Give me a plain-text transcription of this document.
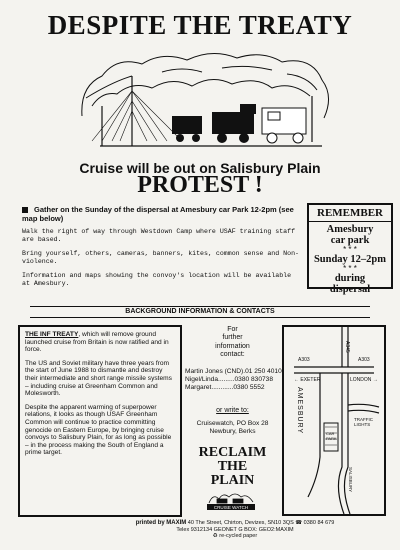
DESPITE THE TREATY
Cruise will be out on Salisbury Plain
PROTEST !
Gather on the Sunday of the dispersal at Amesbury car Park 12-2pm (see map below)
Walk the right of way through Westdown Camp where USAF training staff are based.
Bring yourself, others, cameras, banners, kites, common sense and Non-violence.
Information and maps showing the convoy's location will be available at Amesbury.
REMEMBER
Amesbury
car park
* * *
Sunday 12–2pm
* * *
during
dispersal
BACKGROUND INFORMATION & CONTACTS

THE INF TREATY, which will remove ground launched cruise from Britain is now ratified and in force.

The US and Soviet military have three years from the start of June 1988 to dismantle and destroy their intermediate and short range missile systems – including cruise at Greenham Common and Molesworth.

Despite the apparent warming of superpower relations, it looks as though USAF Greenham Common will continue to practice committing genocide on Eastern Europe, by bringing cruise convoys to Salisbury Plain, for as long as possible – in the process making the South of England a prime target.

For
further
information
contact:
Martin Jones (CND).01 250 4010
Nigel/Linda.........0380 830738
Margaret............0380 5552
or write to:
Cruisewatch, PO Box 28
Newbury, Berks
RECLAIM
THE
PLAIN
CRUISE WATCH
A303	A303
A345
← EXETER	LONDON →
AMESBURY	TRAFFIC LIGHTS
CAR PARK
SALISBURY
printed by MAXIM 40 The Street, Chirton, Devizes, SN10 3QS ☎ 0380 84 679
Telex 9312134 GEONET G BOX: GEO2:MAXIM
♻ re-cycled paper
